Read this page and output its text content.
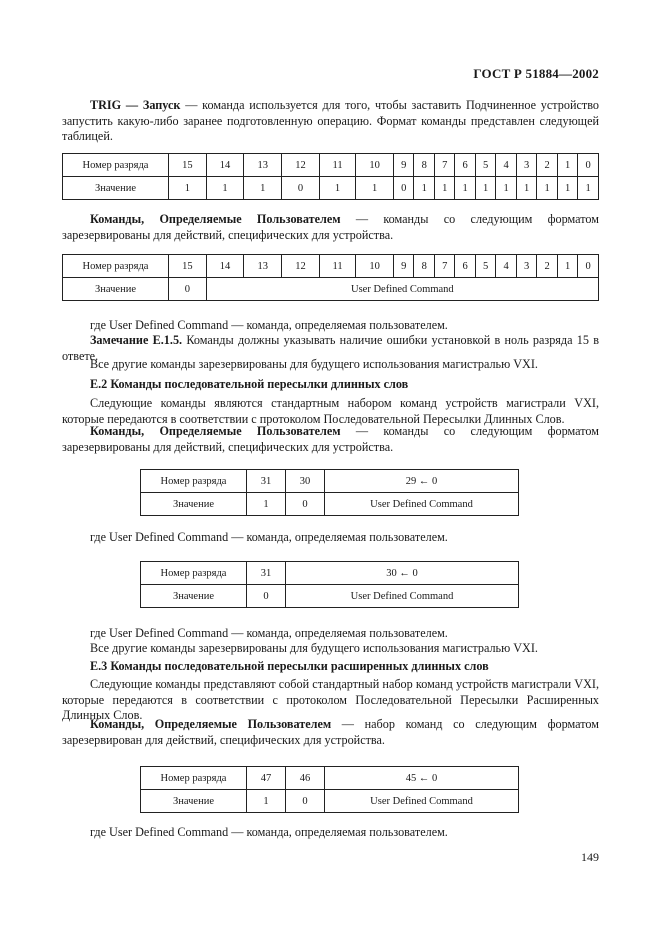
ГОСТ Р 51884—2002
TRIG — Запуск — команда используется для того, чтобы заставить Подчиненное устройство запустить какую-либо заранее подготовленную операцию. Формат команды представлен следующей таблицей.
Номер разряда	15	14	13	12	11	10	9	8	7	6	5	4	3	2	1	0
Значение	1	1	1	0	1	1	0	1	1	1	1	1	1	1	1	1
Команды, Определяемые Пользователем — команды со следующим форматом зарезервированы для действий, специфических для устройства.
Номер разряда	15	14	13	12	11	10	9	8	7	6	5	4	3	2	1	0
Значение	0	User Defined Command														
где User Defined Command — команда, определяемая пользователем.
Замечание Е.1.5. Команды должны указывать наличие ошибки установкой в ноль разряда 15 в ответе.
Все другие команды зарезервированы для будущего использования магистралью VXI.
Е.2 Команды последовательной пересылки длинных слов
Следующие команды являются стандартным набором команд устройств магистрали VXI, которые передаются в соответствии с протоколом Последовательной Пересылки Длинных Слов.
Команды, Определяемые Пользователем — команды со следующим форматом зарезервированы для действий, специфических для устройства.
Номер разряда	31	30	29 ← 0
Значение	1	0	User Defined Command
где User Defined Command — команда, определяемая пользователем.
Номер разряда	31	30 ← 0
Значение	0	User Defined Command
где User Defined Command — команда, определяемая пользователем.
Все другие команды зарезервированы для будущего использования магистралью VXI.
Е.3 Команды последовательной пересылки расширенных длинных слов
Следующие команды представляют собой стандартный набор команд устройств магистрали VXI, которые передаются в соответствии с протоколом Последовательной Пересылки Расширенных Длинных Слов.
Команды, Определяемые Пользователем — набор команд со следующим форматом зарезервирован для действий, специфических для устройства.
Номер разряда	47	46	45 ← 0
Значение	1	0	User Defined Command
где User Defined Command — команда, определяемая пользователем.
149
